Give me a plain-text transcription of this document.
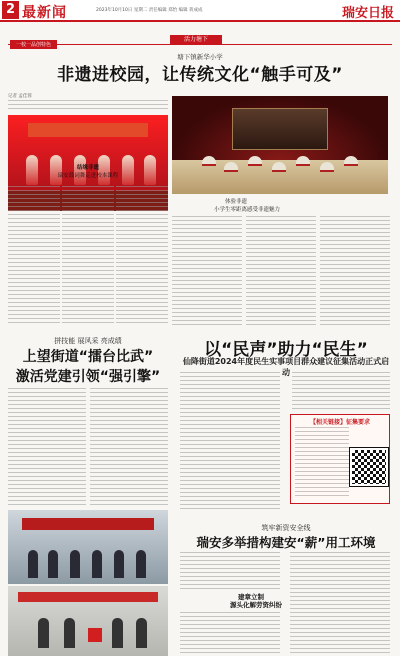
2 最新闻	2023年10月10日 星期二 责任编辑 郑怡 编辑 蒋成成	瑞安日报
一校一品创特色
活力塘下
塘下镇新华小学
非遗进校园，让传统文化“触手可及”
记者 孟佳蓉
结缘非遗
瑞安鼓词舞走进校本课程
体验非遗
小学生零距离感受非遗魅力
拼技能 展风采 亮成绩
上望街道“擂台比武”
激活党建引领“强引擎”
以“民声”助力“民生”
仙降街道2024年度民生实事项目群众建议征集活动正式启动
【相关链接】征集要求
筑牢新资安全线
瑞安多举措构建安“薪”用工环境
建章立制
源头化解劳资纠纷
